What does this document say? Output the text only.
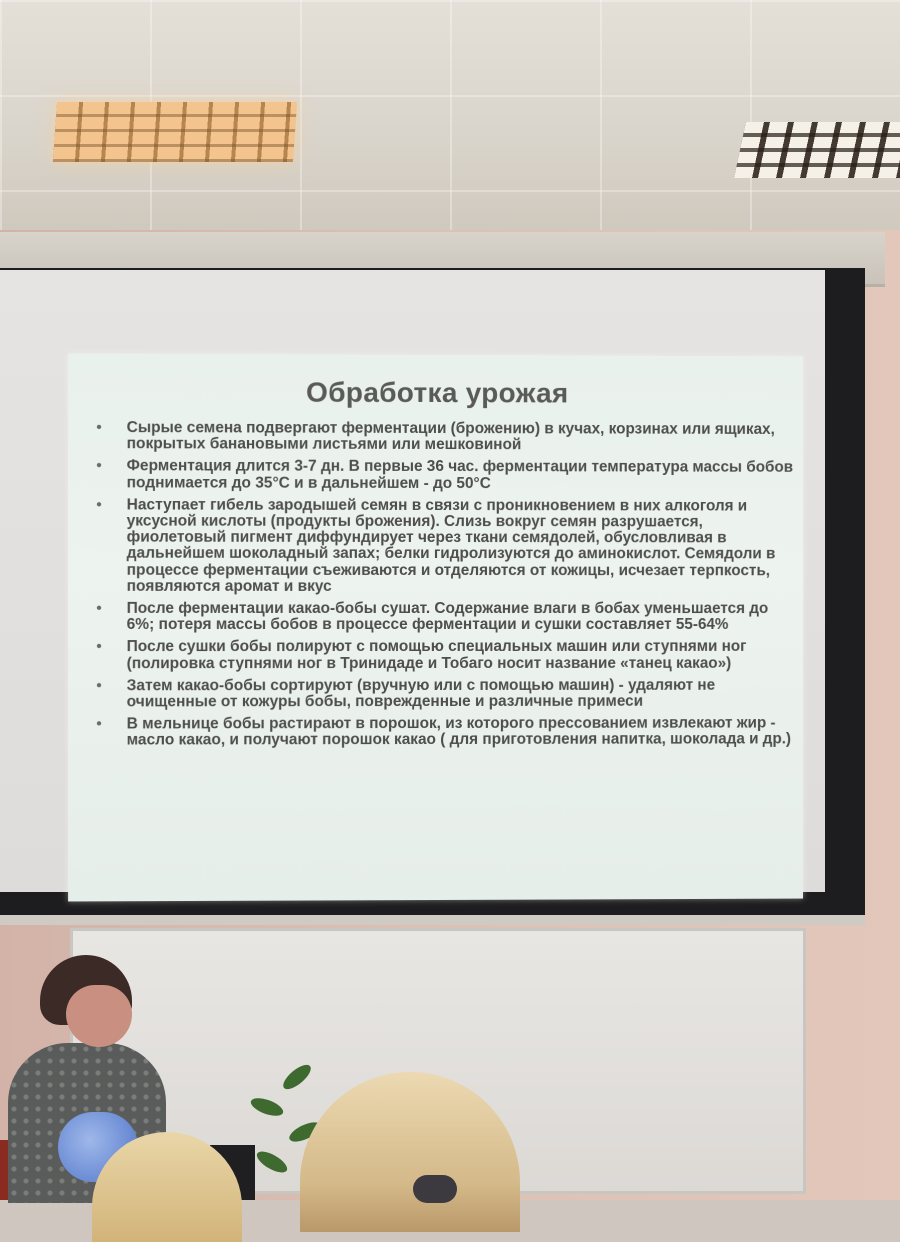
Обработка урожая
• Сырые семена подвергают ферментации (брожению) в кучах, корзинах или ящиках, покрытых банановыми листьями или мешковиной
• Ферментация длится 3-7 дн. В первые 36 час. ферментации температура массы бобов поднимается до 35°С и в дальнейшем - до 50°С
• Наступает гибель зародышей семян в связи с проникновением в них алкоголя и уксусной кислоты (продукты брожения). Слизь вокруг семян разрушается, фиолетовый пигмент диффундирует через ткани семядолей, обусловливая в дальнейшем шоколадный запах; белки гидролизуются до аминокислот. Семядоли в процессе ферментации съеживаются и отделяются от кожицы, исчезает терпкость, появляются аромат и вкус
• После ферментации какао-бобы сушат. Содержание влаги в бобах уменьшается до 6%; потеря массы бобов в процессе ферментации и сушки составляет 55-64%
• После сушки бобы полируют с помощью специальных машин или ступнями ног (полировка ступнями ног в Тринидаде и Тобаго носит название «танец какао»)
• Затем какао-бобы сортируют (вручную или с помощью машин) - удаляют не очищенные от кожуры бобы, поврежденные и различные примеси
• В мельнице бобы растирают в порошок, из которого прессованием извлекают жир - масло какао, и получают порошок какао ( для приготовления напитка, шоколада и др.)
